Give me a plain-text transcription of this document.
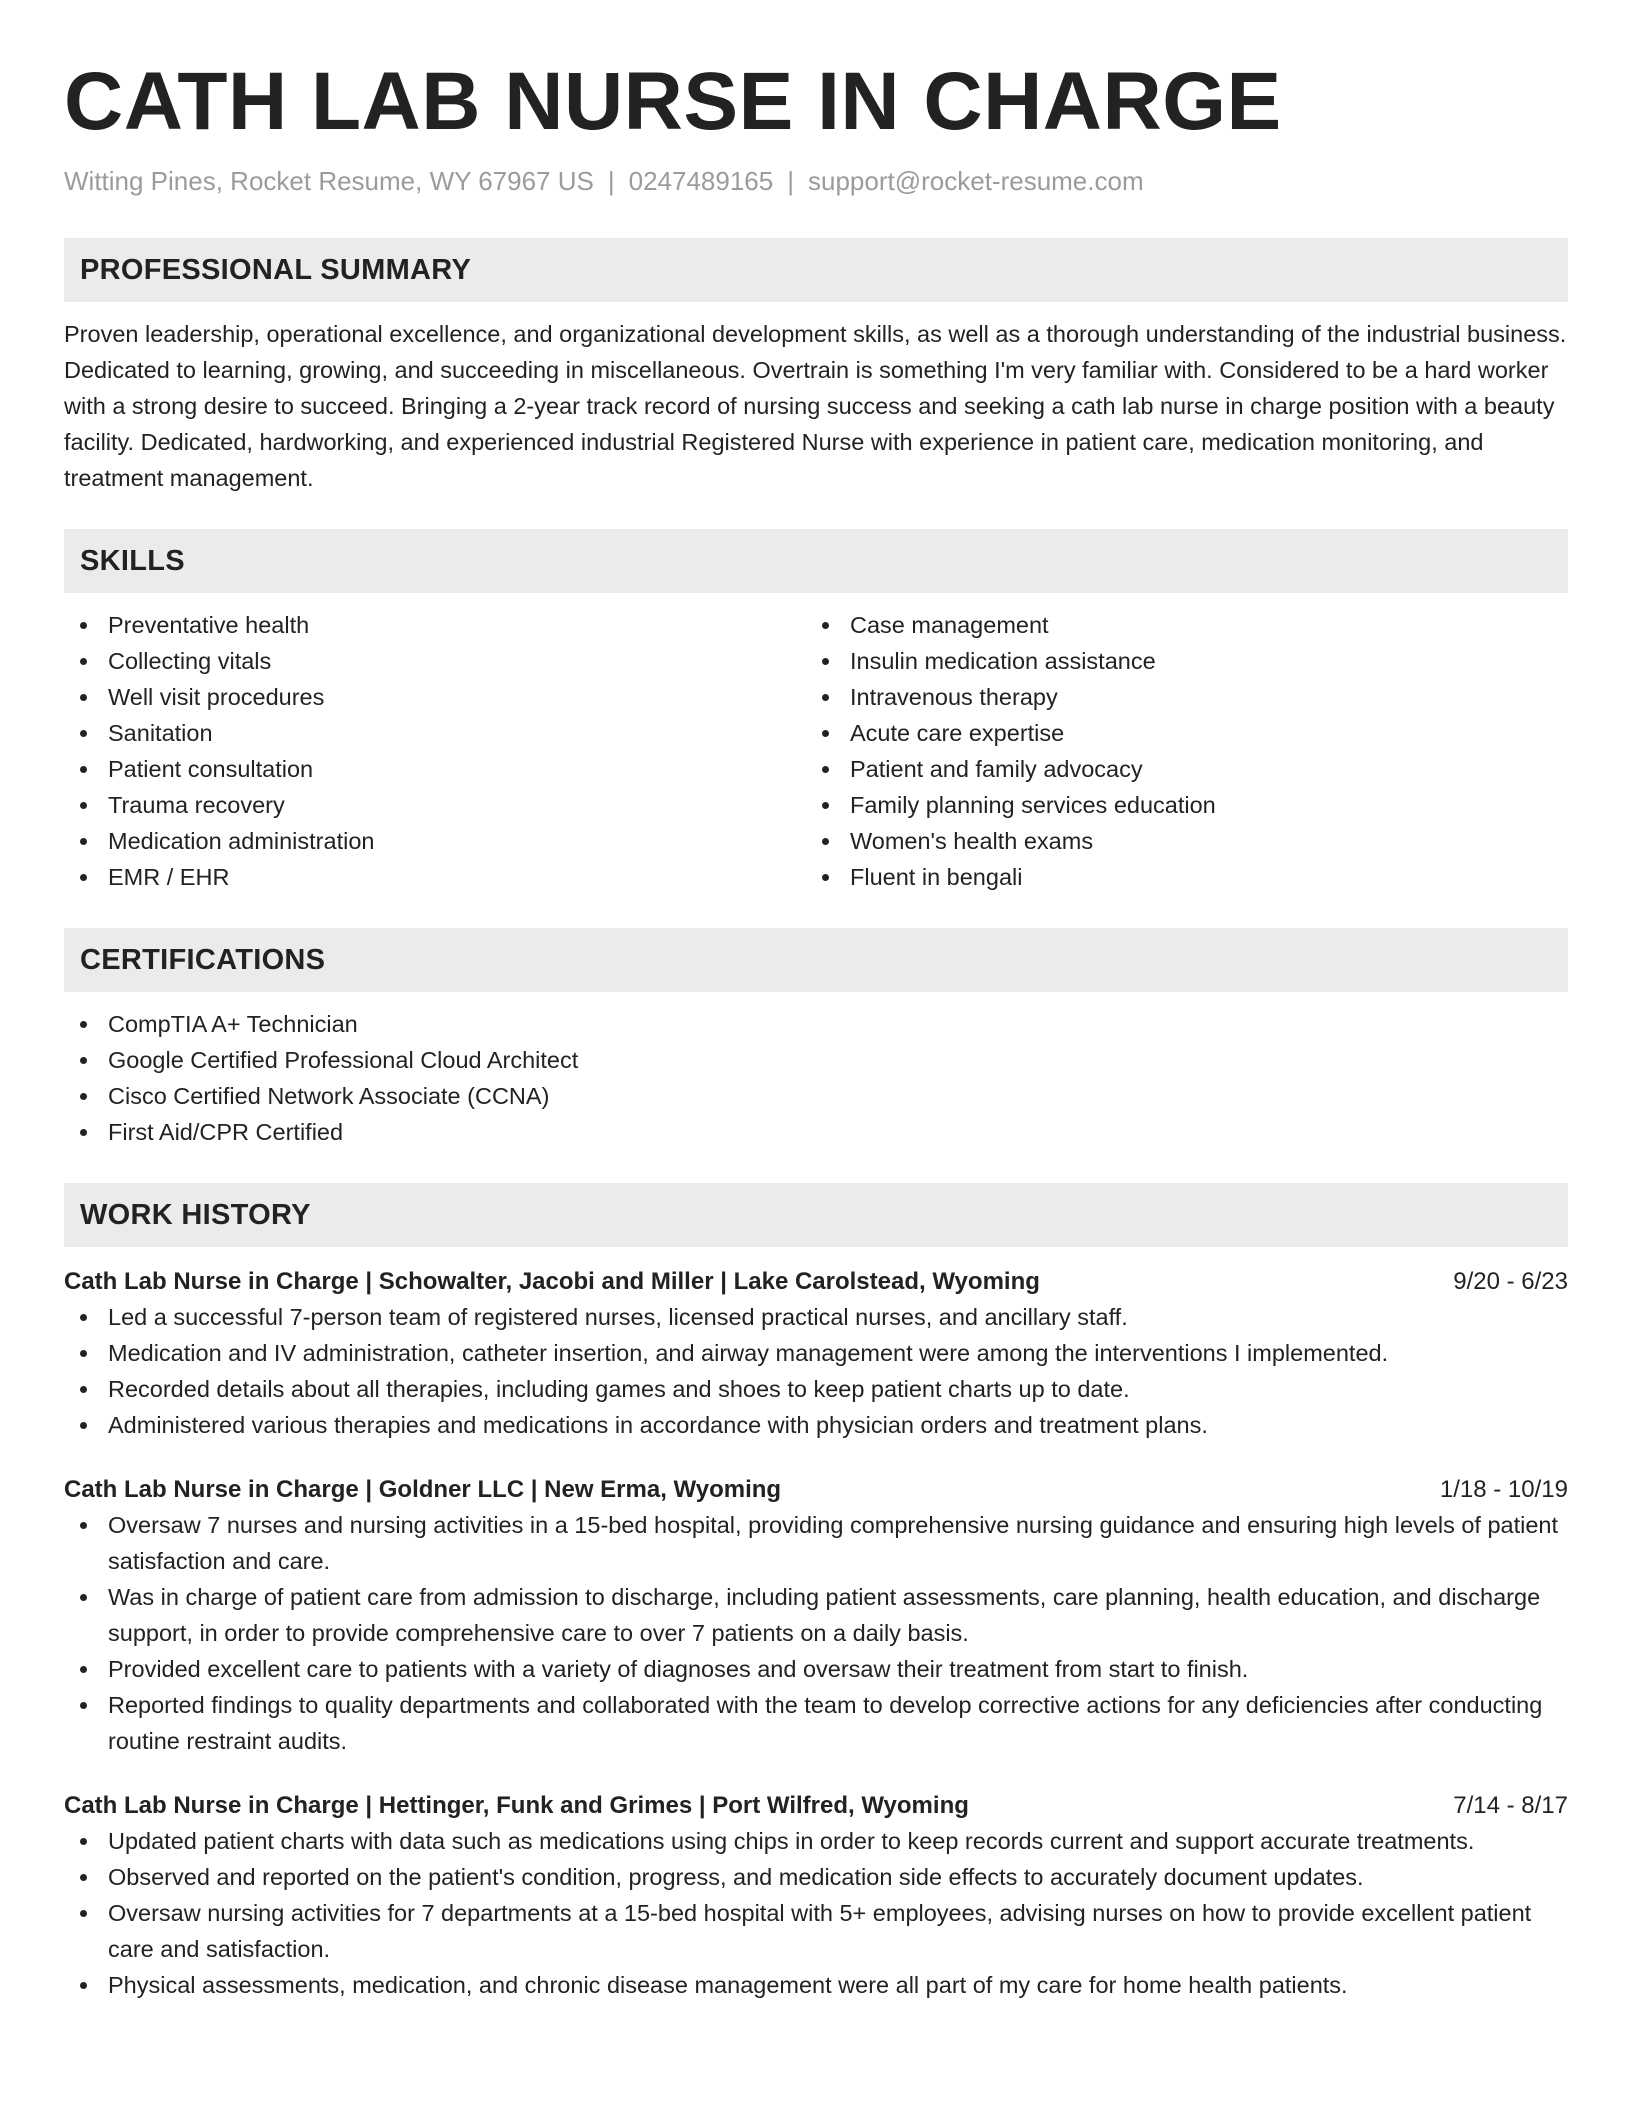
CATH LAB NURSE IN CHARGE
Witting Pines, Rocket Resume, WY 67967 US | 0247489165 | support@rocket-resume.com
PROFESSIONAL SUMMARY
Proven leadership, operational excellence, and organizational development skills, as well as a thorough understanding of the industrial business. Dedicated to learning, growing, and succeeding in miscellaneous. Overtrain is something I'm very familiar with. Considered to be a hard worker with a strong desire to succeed. Bringing a 2-year track record of nursing success and seeking a cath lab nurse in charge position with a beauty facility. Dedicated, hardworking, and experienced industrial Registered Nurse with experience in patient care, medication monitoring, and treatment management.
SKILLS
Preventative health
Collecting vitals
Well visit procedures
Sanitation
Patient consultation
Trauma recovery
Medication administration
EMR / EHR
Case management
Insulin medication assistance
Intravenous therapy
Acute care expertise
Patient and family advocacy
Family planning services education
Women's health exams
Fluent in bengali
CERTIFICATIONS
CompTIA A+ Technician
Google Certified Professional Cloud Architect
Cisco Certified Network Associate (CCNA)
First Aid/CPR Certified
WORK HISTORY
Cath Lab Nurse in Charge | Schowalter, Jacobi and Miller | Lake Carolstead, Wyoming	9/20 - 6/23
Led a successful 7-person team of registered nurses, licensed practical nurses, and ancillary staff.
Medication and IV administration, catheter insertion, and airway management were among the interventions I implemented.
Recorded details about all therapies, including games and shoes to keep patient charts up to date.
Administered various therapies and medications in accordance with physician orders and treatment plans.
Cath Lab Nurse in Charge | Goldner LLC | New Erma, Wyoming	1/18 - 10/19
Oversaw 7 nurses and nursing activities in a 15-bed hospital, providing comprehensive nursing guidance and ensuring high levels of patient satisfaction and care.
Was in charge of patient care from admission to discharge, including patient assessments, care planning, health education, and discharge support, in order to provide comprehensive care to over 7 patients on a daily basis.
Provided excellent care to patients with a variety of diagnoses and oversaw their treatment from start to finish.
Reported findings to quality departments and collaborated with the team to develop corrective actions for any deficiencies after conducting routine restraint audits.
Cath Lab Nurse in Charge | Hettinger, Funk and Grimes | Port Wilfred, Wyoming	7/14 - 8/17
Updated patient charts with data such as medications using chips in order to keep records current and support accurate treatments.
Observed and reported on the patient's condition, progress, and medication side effects to accurately document updates.
Oversaw nursing activities for 7 departments at a 15-bed hospital with 5+ employees, advising nurses on how to provide excellent patient care and satisfaction.
Physical assessments, medication, and chronic disease management were all part of my care for home health patients.
